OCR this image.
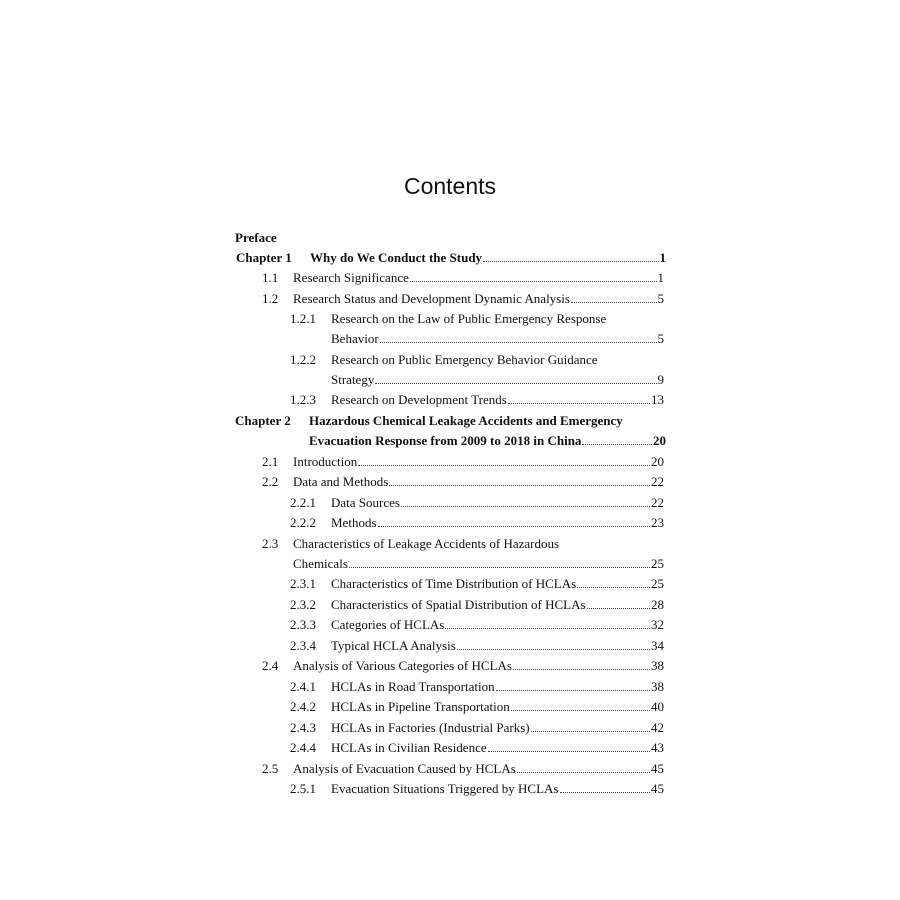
Contents
Preface
Chapter 1	Why do We Conduct the Study	1
1.1	Research Significance	1
1.2	Research Status and Development Dynamic Analysis	5
1.2.1	Research on the Law of Public Emergency Response
Behavior	5
1.2.2	Research on Public Emergency Behavior Guidance
Strategy	9
1.2.3	Research on Development Trends	13
Chapter 2	Hazardous Chemical Leakage Accidents and Emergency
Evacuation Response from 2009 to 2018 in China	20
2.1	Introduction	20
2.2	Data and Methods	22
2.2.1	Data Sources	22
2.2.2	Methods	23
2.3	Characteristics of Leakage Accidents of Hazardous
Chemicals	25
2.3.1	Characteristics of Time Distribution of HCLAs	25
2.3.2	Characteristics of Spatial Distribution of HCLAs	28
2.3.3	Categories of HCLAs	32
2.3.4	Typical HCLA Analysis	34
2.4	Analysis of Various Categories of HCLAs	38
2.4.1	HCLAs in Road Transportation	38
2.4.2	HCLAs in Pipeline Transportation	40
2.4.3	HCLAs in Factories (Industrial Parks)	42
2.4.4	HCLAs in Civilian Residence	43
2.5	Analysis of Evacuation Caused by HCLAs	45
2.5.1	Evacuation Situations Triggered by HCLAs	45
